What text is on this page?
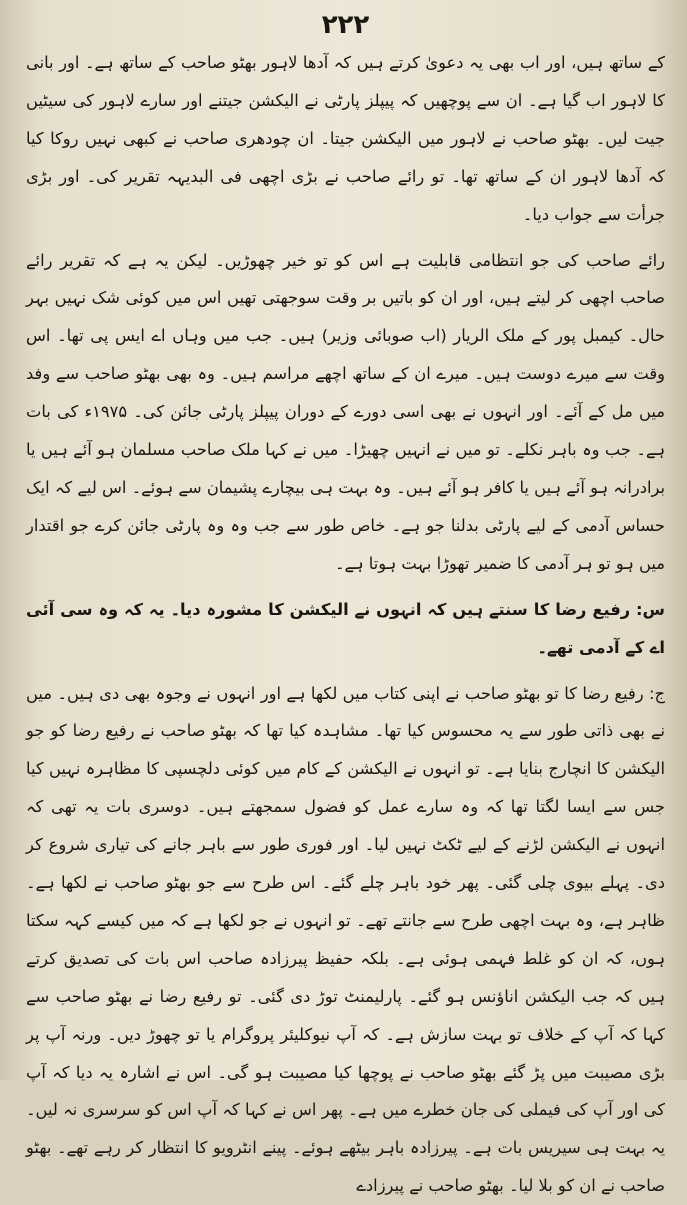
۲۲۲

کے ساتھ ہیں، اور اب بھی یہ دعویٰ کرتے ہیں کہ آدھا لاہور بھٹو صاحب کے ساتھ ہے۔ اور بانی کا لاہور اب گیا ہے۔ ان سے پوچھیں کہ پیپلز پارٹی نے الیکشن جیتنے اور سارے لاہور کی سیٹیں جیت لیں۔ بھٹو صاحب نے لاہور میں الیکشن جیتا۔ ان چودھری صاحب نے کبھی نہیں روکا کیا کہ آدھا لاہور ان کے ساتھ تھا۔ تو رائے صاحب نے بڑی اچھی فی البدیہہ تقریر کی۔ اور بڑی جرأت سے جواب دیا۔

رائے صاحب کی جو انتظامی قابلیت ہے اس کو تو خیر چھوڑیں۔ لیکن یہ ہے کہ تقریر رائے صاحب اچھی کر لیتے ہیں، اور ان کو باتیں بر وقت سوجھتی تھیں اس میں کوئی شک نہیں بہر حال۔ کیمبل پور کے ملک الریار (اب صوبائی وزیر) ہیں۔ جب میں وہاں اے ایس پی تھا۔ اس وقت سے میرے دوست ہیں۔ میرے ان کے ساتھ اچھے مراسم ہیں۔ وہ بھی بھٹو صاحب سے وفد میں مل کے آئے۔ اور انہوں نے بھی اسی دورے کے دوران پیپلز پارٹی جائن کی۔ ۱۹۷۵ء کی بات ہے۔ جب وہ باہر نکلے۔ تو میں نے انہیں چھیڑا۔ میں نے کہا ملک صاحب مسلمان ہو آئے ہیں یا برادرانہ ہو آئے ہیں یا کافر ہو آئے ہیں۔ وہ بہت ہی بیچارے پشیمان سے ہوئے۔ اس لیے کہ ایک حساس آدمی کے لیے پارٹی بدلنا جو ہے۔ خاص طور سے جب وہ وہ پارٹی جائن کرے جو اقتدار میں ہو تو ہر آدمی کا ضمیر تھوڑا بہت ہوتا ہے۔

س: رفیع رضا کا سنتے ہیں کہ انہوں نے الیکشن کا مشورہ دیا۔ یہ کہ وہ سی آئی اے کے آدمی تھے۔

ج: رفیع رضا کا تو بھٹو صاحب نے اپنی کتاب میں لکھا ہے اور انہوں نے وجوہ بھی دی ہیں۔ میں نے بھی ذاتی طور سے یہ محسوس کیا تھا۔ مشاہدہ کیا تھا کہ بھٹو صاحب نے رفیع رضا کو جو الیکشن کا انچارج بنایا ہے۔ تو انہوں نے الیکشن کے کام میں کوئی دلچسپی کا مظاہرہ نہیں کیا جس سے ایسا لگتا تھا کہ وہ سارے عمل کو فضول سمجھتے ہیں۔ دوسری بات یہ تھی کہ انہوں نے الیکشن لڑنے کے لیے ٹکٹ نہیں لیا۔ اور فوری طور سے باہر جانے کی تیاری شروع کر دی۔ پہلے بیوی چلی گئی۔ پھر خود باہر چلے گئے۔ اس طرح سے جو بھٹو صاحب نے لکھا ہے۔ ظاہر ہے، وہ بہت اچھی طرح سے جانتے تھے۔ تو انہوں نے جو لکھا ہے کہ میں کیسے کہہ سکتا ہوں، کہ ان کو غلط فہمی ہوئی ہے۔ بلکہ حفیظ پیرزادہ صاحب اس بات کی تصدیق کرتے ہیں کہ جب الیکشن اناؤنس ہو گئے۔ پارلیمنٹ توڑ دی گئی۔ تو رفیع رضا نے بھٹو صاحب سے کہا کہ آپ کے خلاف تو بہت سازش ہے۔ کہ آپ نیوکلیئر پروگرام یا تو چھوڑ دیں۔ ورنہ آپ پر بڑی مصیبت میں پڑ گئے بھٹو صاحب نے پوچھا کیا مصیبت ہو گی۔ اس نے اشارہ یہ دیا کہ آپ کی اور آپ کی فیملی کی جان خطرے میں ہے۔ پھر اس نے کہا کہ آپ اس کو سرسری نہ لیں۔ یہ بہت ہی سیریس بات ہے۔ پیرزادہ باہر بیٹھے ہوئے۔ پینے انٹرویو کا انتظار کر رہے تھے۔ بھٹو صاحب نے ان کو بلا لیا۔ بھٹو صاحب نے پیرزادے
